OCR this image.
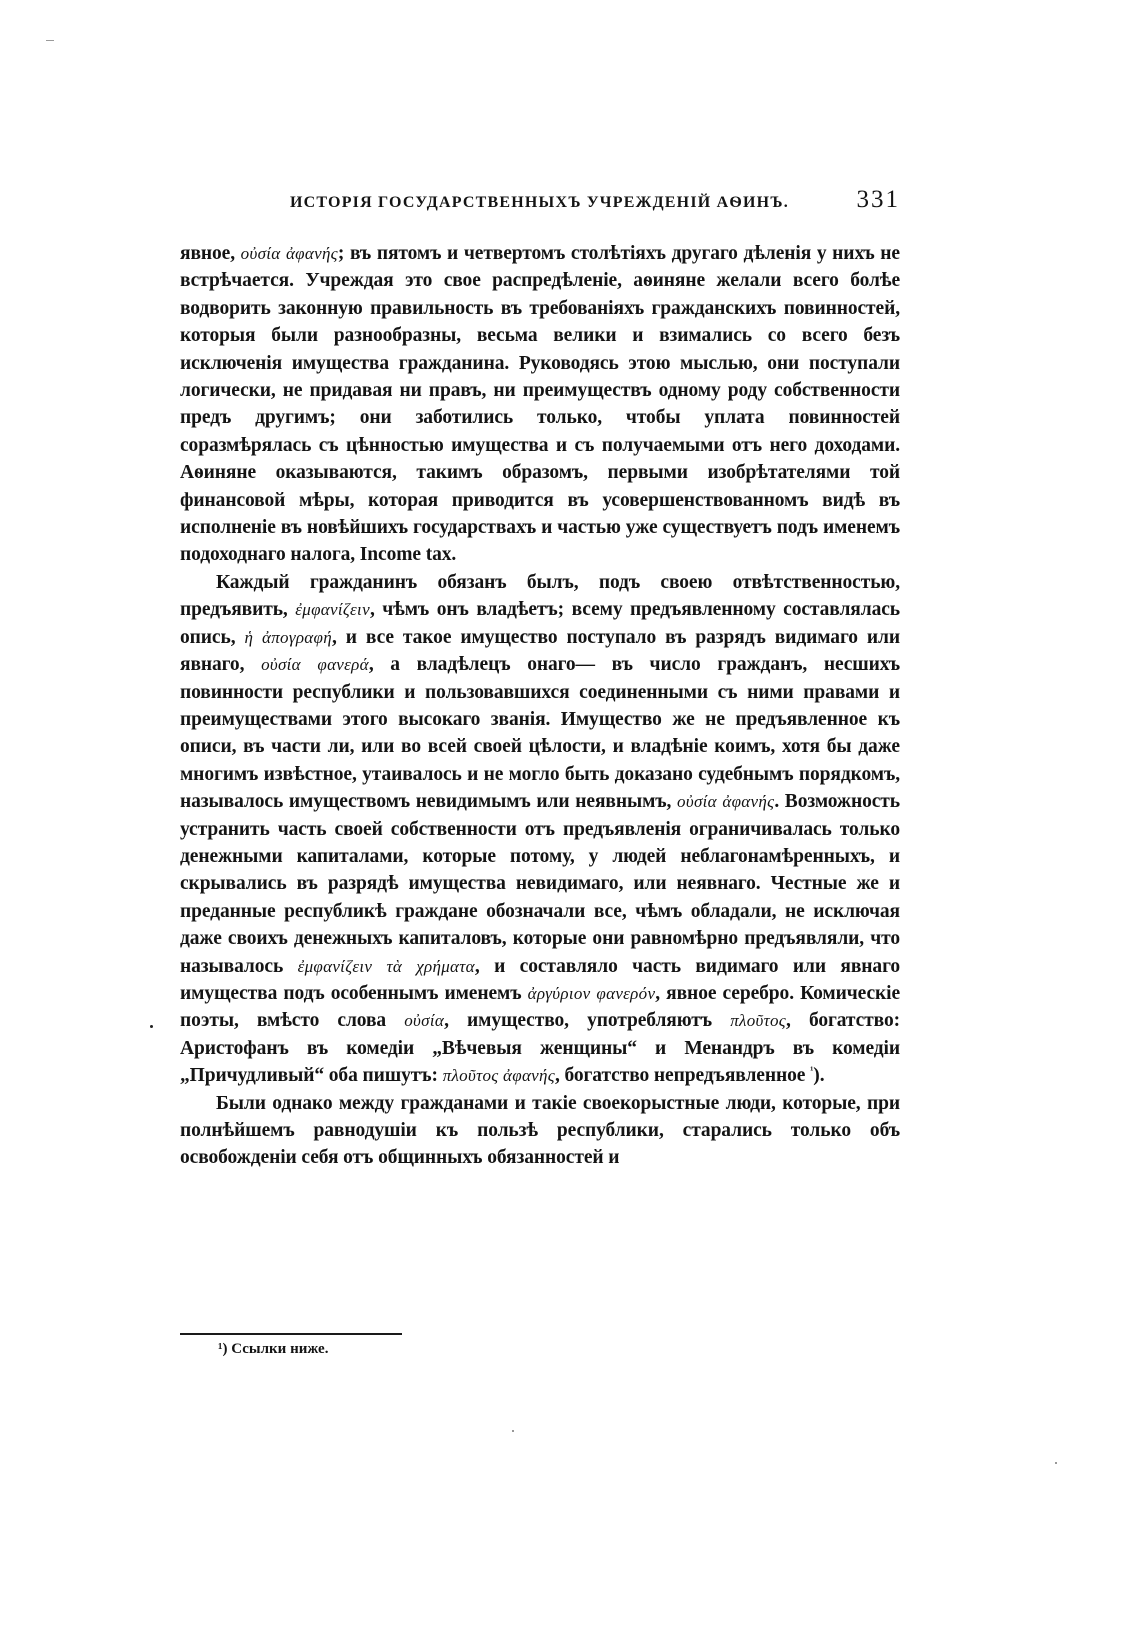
ИСТОРІЯ ГОСУДАРСТВЕННЫХЪ УЧРЕЖДЕНІЙ АѲИНЪ.	331

явное, οὐσία ἀφανής; въ пятомъ и четвертомъ столѣтіяхъ другаго дѣленія у нихъ не встрѣчается. Учреждая это свое распредѣленіе, аѳиняне желали всего болѣе водворить законную правильность въ требованіяхъ гражданскихъ повинностей, которыя были разнообразны, весьма велики и взимались со всего безъ исключенія имущества гражданина. Руководясь этою мыслью, они поступали логически, не придавая ни правъ, ни преимуществъ одному роду собственности предъ другимъ; они заботились только, чтобы уплата повинностей соразмѣрялась съ цѣнностью имущества и съ получаемыми отъ него доходами. Аѳиняне оказываются, такимъ образомъ, первыми изобрѣтателями той финансовой мѣры, которая приводится въ усовершенствованномъ видѣ въ исполненіе въ новѣйшихъ государствахъ и частью уже существуетъ подъ именемъ подоходнаго налога, Income tax.

Каждый гражданинъ обязанъ былъ, подъ своею отвѣтственностью, предъявить, ἐμφανίζειν, чѣмъ онъ владѣетъ; всему предъявленному составлялась опись, ἡ ἀπογραφή, и все такое имущество поступало въ разрядъ видимаго или явнаго, οὐσία φανερά, а владѣлецъ онаго— въ число гражданъ, несшихъ повинности республики и пользовавшихся соединенными съ ними правами и преимуществами этого высокаго званія. Имущество же не предъявленное къ описи, въ части ли, или во всей своей цѣлости, и владѣніе коимъ, хотя бы даже многимъ извѣстное, утаивалось и не могло быть доказано судебнымъ порядкомъ, называлось имуществомъ невидимымъ или неявнымъ, οὐσία ἀφανής. Возможность устранить часть своей собственности отъ предъявленія ограничивалась только денежными капиталами, которые потому, у людей неблагонамѣренныхъ, и скрывались въ разрядѣ имущества невидимаго, или неявнаго. Честные же и преданные республикѣ граждане обозначали все, чѣмъ обладали, не исключая даже своихъ денежныхъ капиталовъ, которые они равномѣрно предъявляли, что называлось ἐμφανίζειν τὰ χρήματα, и составляло часть видимаго или явнаго имущества подъ особеннымъ именемъ ἀργύριον φανερόν, явное серебро. Комическіе поэты, вмѣсто слова οὐσία, имущество, употребляютъ πλοῦτος, богатство: Аристофанъ въ комедіи „Вѣчевыя женщины“ и Менандръ въ комедіи „Причудливый“ оба пишутъ: πλοῦτος ἀφανής, богатство непредъявленное $^{^1}$).

Были однако между гражданами и такіе своекорыстные люди, которые, при полнѣйшемъ равнодушіи къ пользѣ республики, старались только объ освобожденіи себя отъ общинныхъ обязанностей и

¹) Ссылки ниже.
